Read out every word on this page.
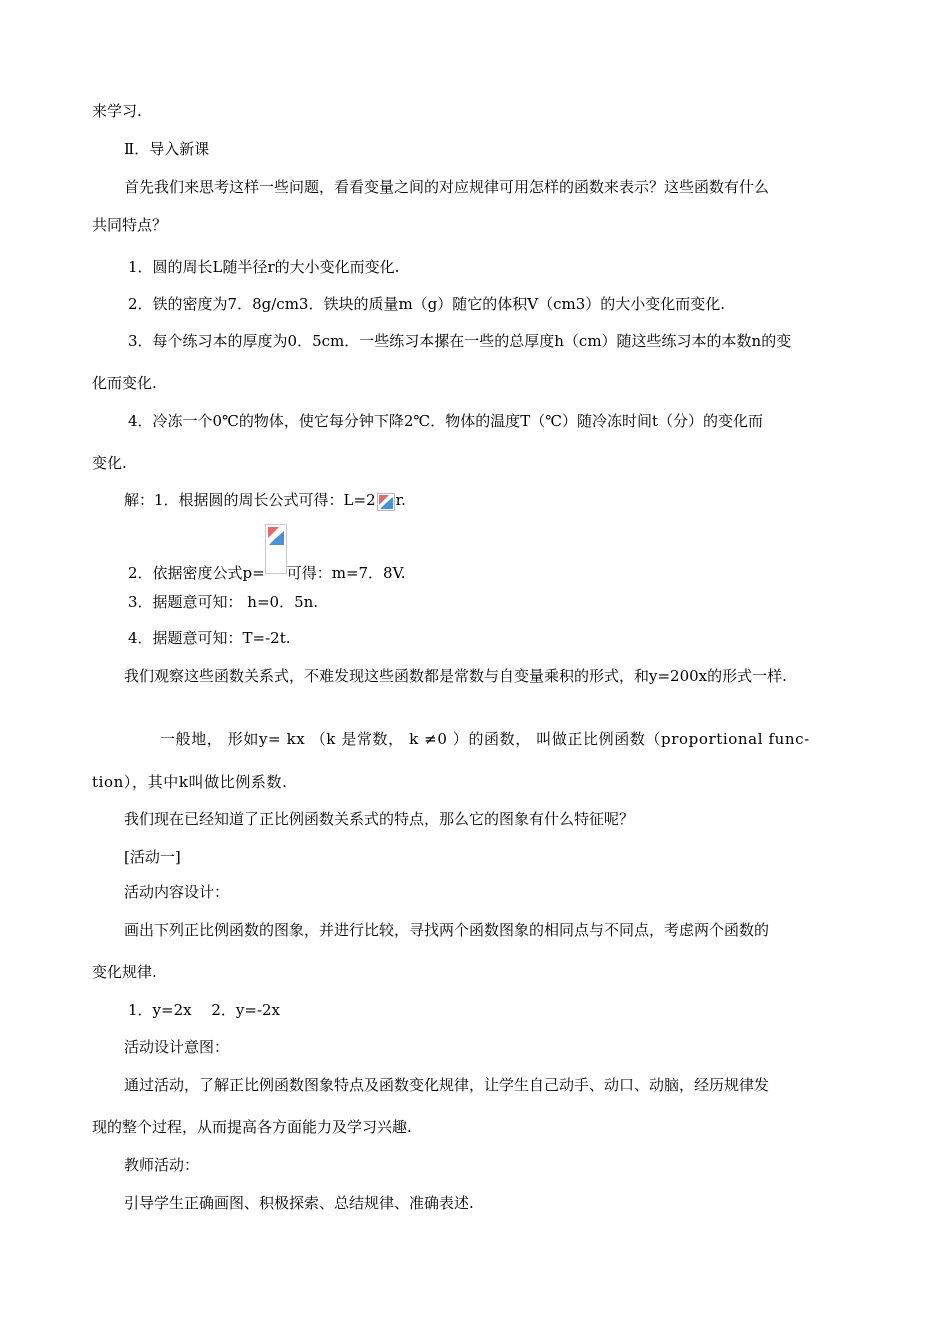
来学习.
Ⅱ．导入新课
首先我们来思考这样一些问题，看看变量之间的对应规律可用怎样的函数来表示？这些函数有什么
共同特点？
1．圆的周长L随半径r的大小变化而变化.
2．铁的密度为7．8g/cm3．铁块的质量m（g）随它的体积V（cm3）的大小变化而变化.
3．每个练习本的厚度为0．5cm．一些练习本摞在一些的总厚度h（cm）随这些练习本的本数n的变
化而变化.
4．冷冻一个0℃的物体，使它每分钟下降2℃．物体的温度T（℃）随冷冻时间t（分）的变化而
变化.
解：1．根据圆的周长公式可得：L=2 r.
2．依据密度公式p= 可得：m=7．8V.
3．据题意可知： h=0．5n.
4．据题意可知：T=-2t.
我们观察这些函数关系式，不难发现这些函数都是常数与自变量乘积的形式，和y=200x的形式一样.
一般地， 形如y= kx （k 是常数， k ≠0 ）的函数， 叫做正比例函数（proportional func-
tion），其中k叫做比例系数.
我们现在已经知道了正比例函数关系式的特点，那么它的图象有什么特征呢？
[活动一]
活动内容设计：
画出下列正比例函数的图象，并进行比较，寻找两个函数图象的相同点与不同点，考虑两个函数的
变化规律.
1．y=2x　 2．y=-2x
活动设计意图：
通过活动，了解正比例函数图象特点及函数变化规律，让学生自己动手、动口、动脑，经历规律发
现的整个过程，从而提高各方面能力及学习兴趣.
教师活动：
引导学生正确画图、积极探索、总结规律、准确表述.
